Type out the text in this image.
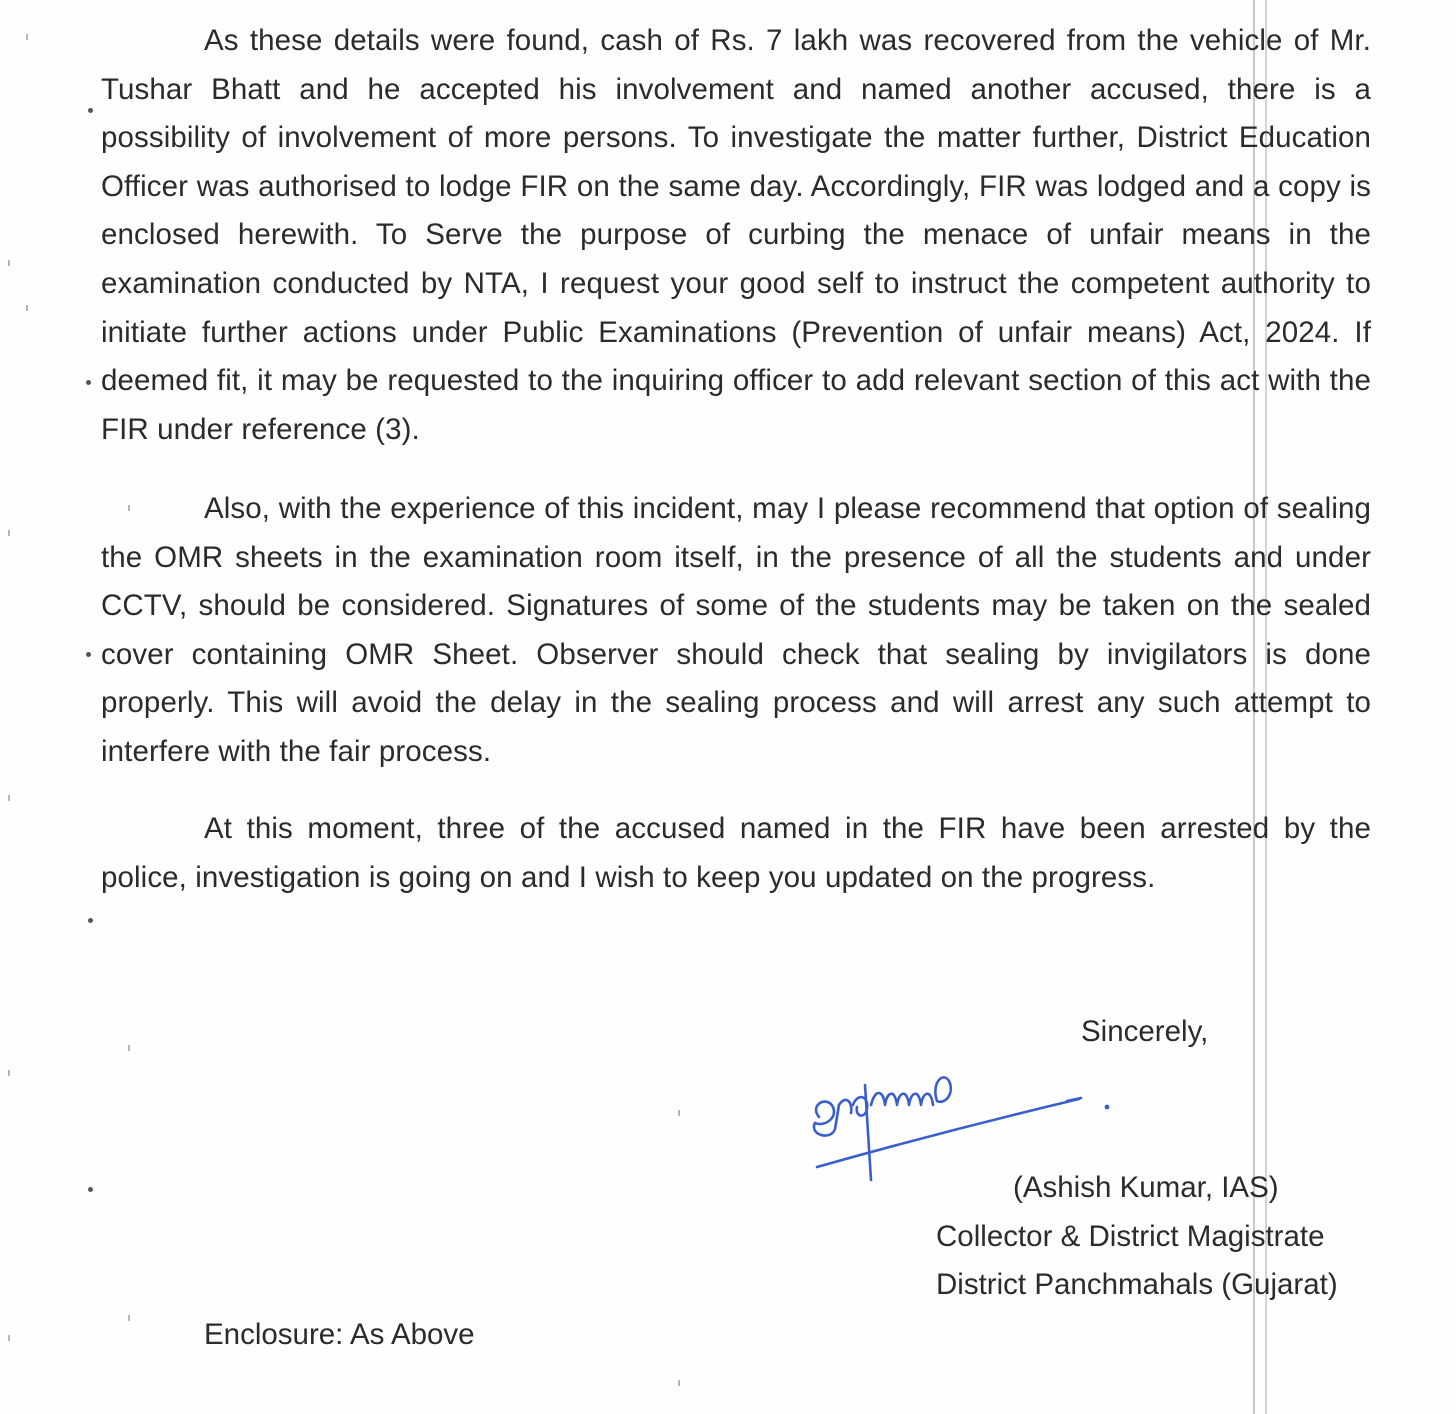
As these details were found, cash of Rs. 7 lakh was recovered from the vehicle of Mr. Tushar Bhatt and he accepted his involvement and named another accused, there is a possibility of involvement of more persons. To investigate the matter further, District Education Officer was authorised to lodge FIR on the same day. Accordingly, FIR was lodged and a copy is enclosed herewith. To Serve the purpose of curbing the menace of unfair means in the examination conducted by NTA, I request your good self to instruct the competent authority to initiate further actions under Public Examinations (Prevention of unfair means) Act, 2024. If deemed fit, it may be requested to the inquiring officer to add relevant section of this act with the FIR under reference (3).
Also, with the experience of this incident, may I please recommend that option of sealing the OMR sheets in the examination room itself, in the presence of all the students and under CCTV, should be considered. Signatures of some of the students may be taken on the sealed cover containing OMR Sheet. Observer should check that sealing by invigilators is done properly. This will avoid the delay in the sealing process and will arrest any such attempt to interfere with the fair process.
At this moment, three of the accused named in the FIR have been arrested by the police, investigation is going on and I wish to keep you updated on the progress.
Sincerely,
(Ashish Kumar, IAS)
Collector & District Magistrate
District Panchmahals (Gujarat)
Enclosure: As Above
